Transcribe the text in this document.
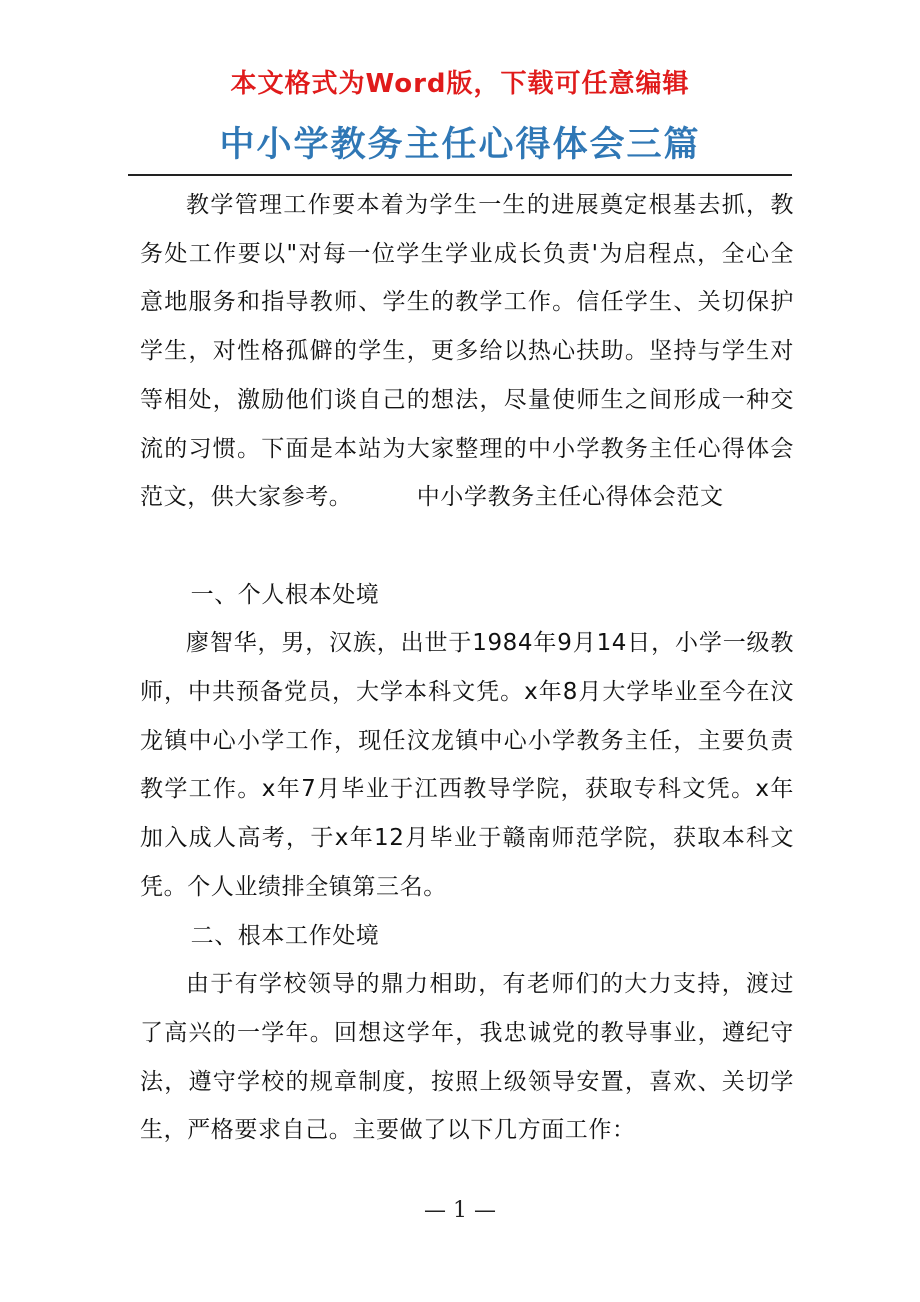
本文格式为Word版，下载可任意编辑
中小学教务主任心得体会三篇

教学管理工作要本着为学生一生的进展奠定根基去抓，教务处工作要以"对每一位学生学业成长负责'为启程点，全心全意地服务和指导教师、学生的教学工作。信任学生、关切保护学生，对性格孤僻的学生，更多给以热心扶助。坚持与学生对等相处，激励他们谈自己的想法，尽量使师生之间形成一种交流的习惯。下面是本站为大家整理的中小学教务主任心得体会范文，供大家参考。	中小学教务主任心得体会范文

一、个人根本处境

廖智华，男，汉族，出世于1984年9月14日，小学一级教师，中共预备党员，大学本科文凭。x年8月大学毕业至今在汶龙镇中心小学工作，现任汶龙镇中心小学教务主任，主要负责教学工作。x年7月毕业于江西教导学院，获取专科文凭。x年加入成人高考，于x年12月毕业于赣南师范学院，获取本科文凭。个人业绩排全镇第三名。

二、根本工作处境

由于有学校领导的鼎力相助，有老师们的大力支持，渡过了高兴的一学年。回想这学年，我忠诚党的教导事业，遵纪守法，遵守学校的规章制度，按照上级领导安置，喜欢、关切学生，严格要求自己。主要做了以下几方面工作：

— 1 —
